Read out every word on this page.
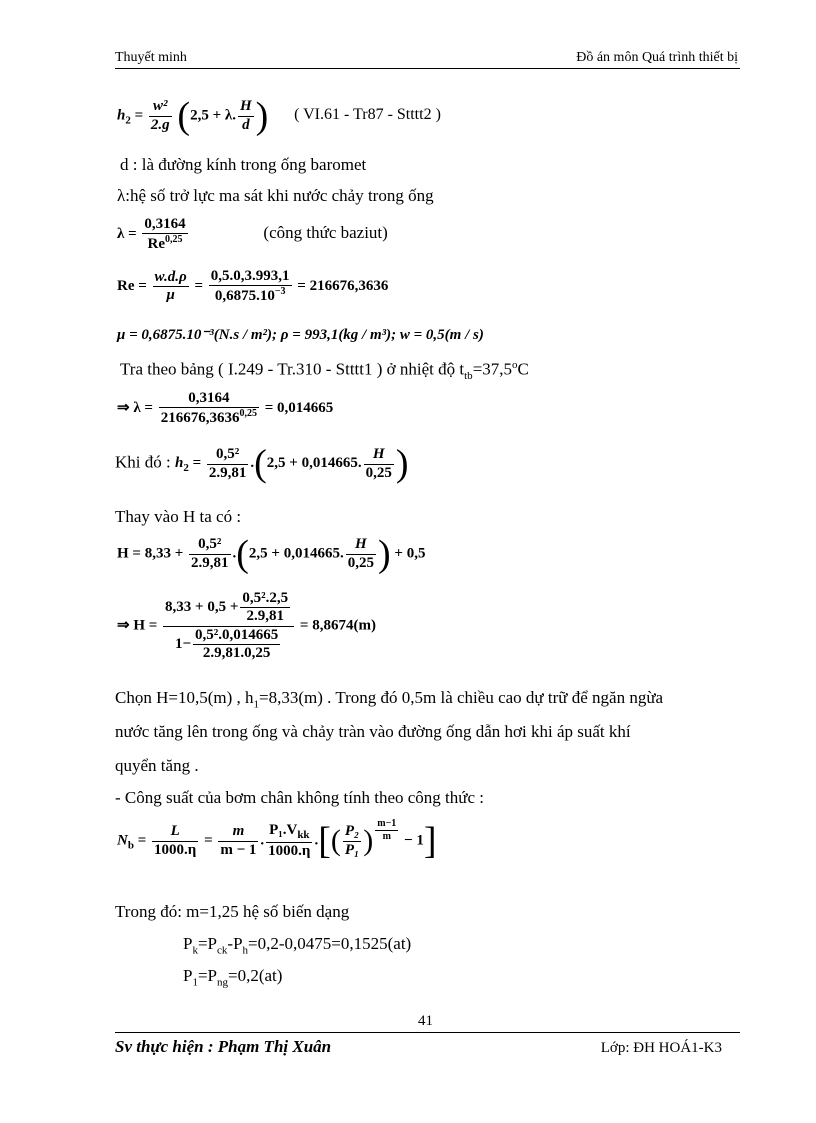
Thuyết minh	Đồ án môn Quá trình thiết bị
$h_2 = \frac{\text{w²}}{2.g} (2,5 + \lambda$. $\frac{H}{d}$ ) ( VI.61 - Tr87 - Stttt2 )
d : là đường kính trong ống baromet
λ:hệ số trở lực ma sát khi nước chảy trong ống
$\lambda = \frac{0,3164}{Re^{0,25}}$	(công thức baziut)
$Re = \frac{w.d.\rho}{\mu} = \frac{0,5.0,3.993,1}{0,6875.10^{-3}} = 216676,3636$
μ = 0,6875.10⁻³(N.s / m²); ρ = 993,1(kg / m³); w = 0,5(m / s)
Tra theo bảng ( I.249 - Tr.310 - Stttt1 ) ở nhiệt độ $t_{tb}=37,5^oC$
⇒ $\lambda = \frac{0,3164}{216676,3636^{0,25}} = 0,014665$
Khi đó : $h_2 = \frac{\text{0,5²}}{2.9,81} .(2,5 + 0,014665$. $\frac{H}{0,25}$ )
Thay vào H ta có :
$H = 8,33 + \frac{\text{0,5²}}{2.9,81} .(2,5 + 0,014665$. $\frac{H}{0,25}$ ) + 0,5
⇒ $H = \frac{8,33 + 0,5 + \frac{\text{0,5².2,5}}{2.9,81}}{1- \frac{\text{0,5².0,014665}}{2.9,81.0,25}} = 8,8674(m)$
Chọn H=10,5(m) , $h_1=8,33(m)$ . Trong đó 0,5m là chiều cao dự trữ để ngăn ngừa
nước tăng lên trong ống và chảy tràn vào đường ống dẫn hơi khi áp suất khí
quyển tăng .
- Công suất của bơm chân không tính theo công thức :
$N_b = \frac{L}{1000.\eta} = \frac{m}{m - 1}$ . $\frac{P_1.V_{kk}}{1000.\eta}$ .[( $\frac{\text{P₂}}{\text{P₁}}$ ) $\frac{m-1}{m} - 1$]
Trong đó: m=1,25 hệ số biến dạng
$P_k=P_{ck}-P_h=0,2-0,0475=0,1525(at)$
$P_1=P_{ng}=0,2(at)$
41
Sv thực hiện : Phạm Thị Xuân	Lớp: ĐH HOÁ1-K3
